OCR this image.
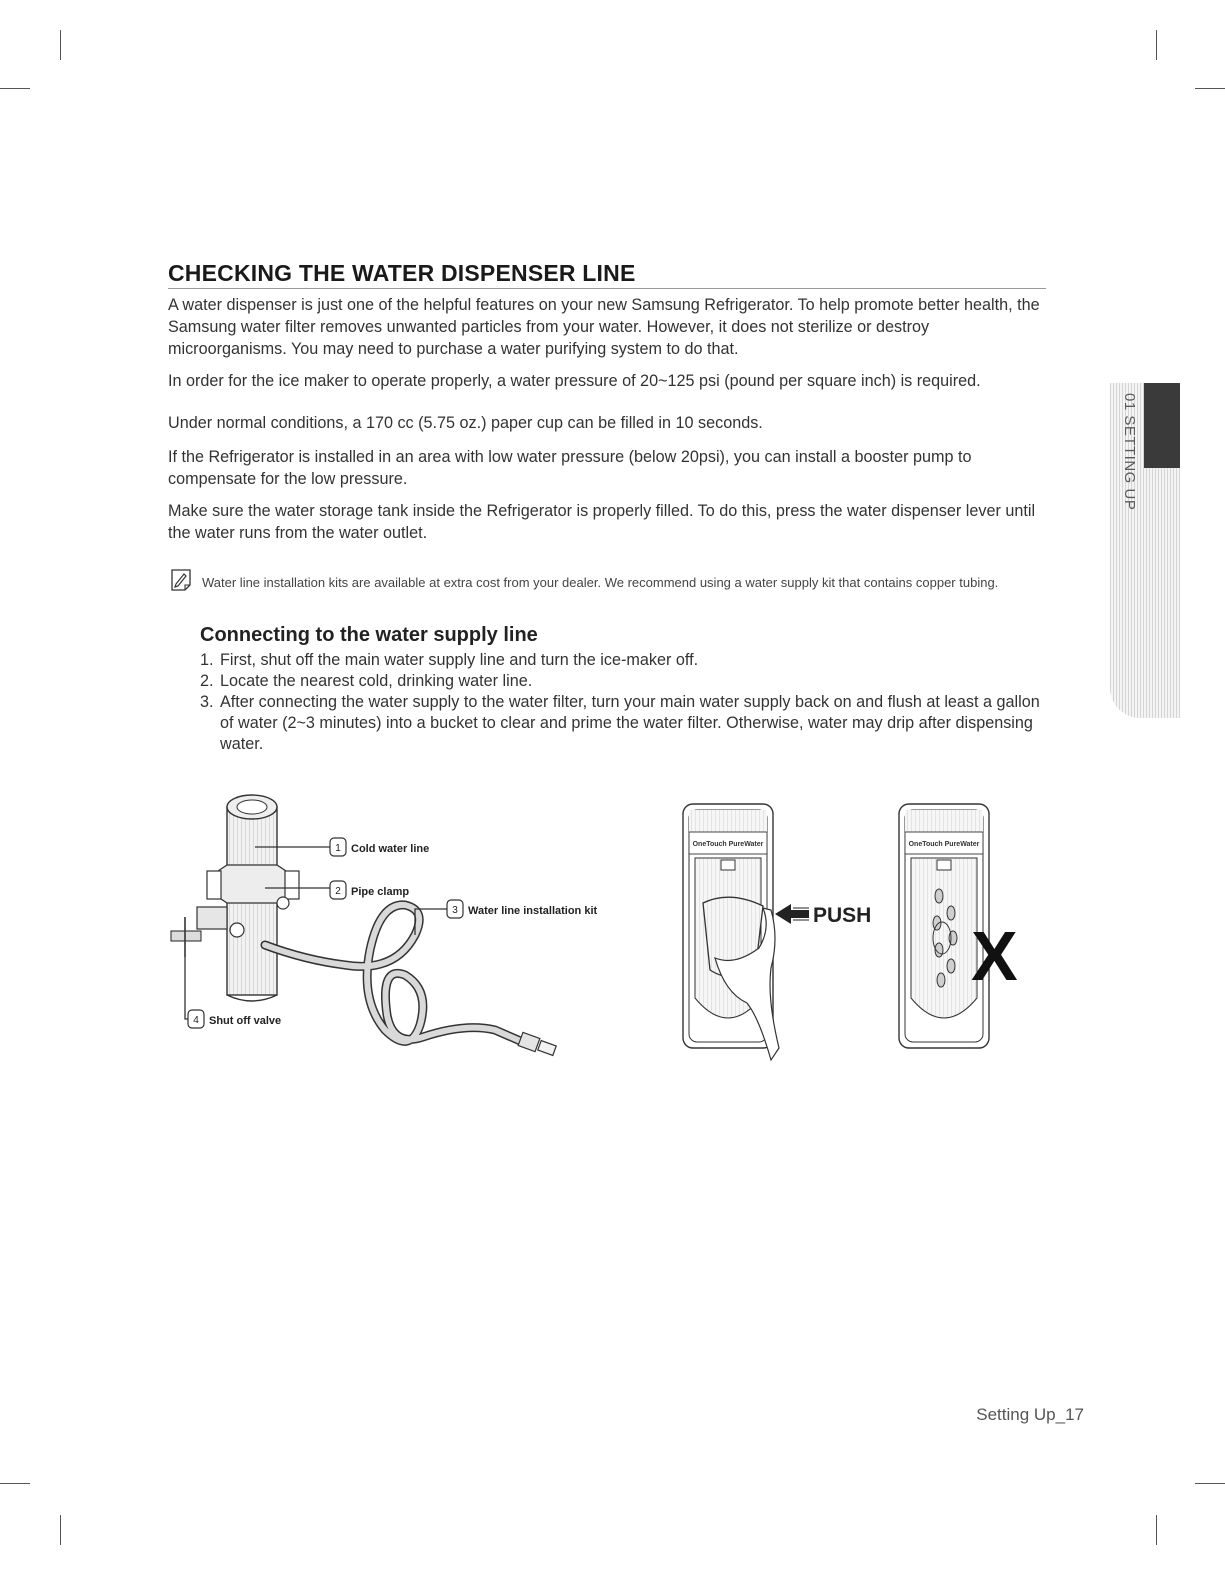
CHECKING THE WATER DISPENSER LINE

A water dispenser is just one of the helpful features on your new Samsung Refrigerator. To help promote better health, the Samsung water filter removes unwanted particles from your water. However, it does not sterilize or destroy microorganisms. You may need to purchase a water purifying system to do that.

In order for the ice maker to operate properly, a water pressure of 20~125 psi (pound per square inch) is required.

Under normal conditions, a 170 cc (5.75 oz.) paper cup can be filled in 10 seconds.

If the Refrigerator is installed in an area with low water pressure (below 20psi), you can install a booster pump to compensate for the low pressure.

Make sure the water storage tank inside the Refrigerator is properly filled. To do this, press the water dispenser lever until the water runs from the water outlet.

Water line installation kits are available at extra cost from your dealer. We recommend using a water supply kit that contains copper tubing.

Connecting to the water supply line
1. First, shut off the main water supply line and turn the ice-maker off.
2. Locate the nearest cold, drinking water line.
3. After connecting the water supply to the water filter, turn your main water supply back on and flush at least a gallon of water (2~3 minutes) into a bucket to clear and prime the water filter. Otherwise, water may drip after dispensing water.
01 SETTING UP
1 Cold water line
2 Pipe clamp
3 Water line installation kit
4 Shut off valve
OneTouch PureWater
PUSH
OneTouch PureWater
X

Setting Up_17
